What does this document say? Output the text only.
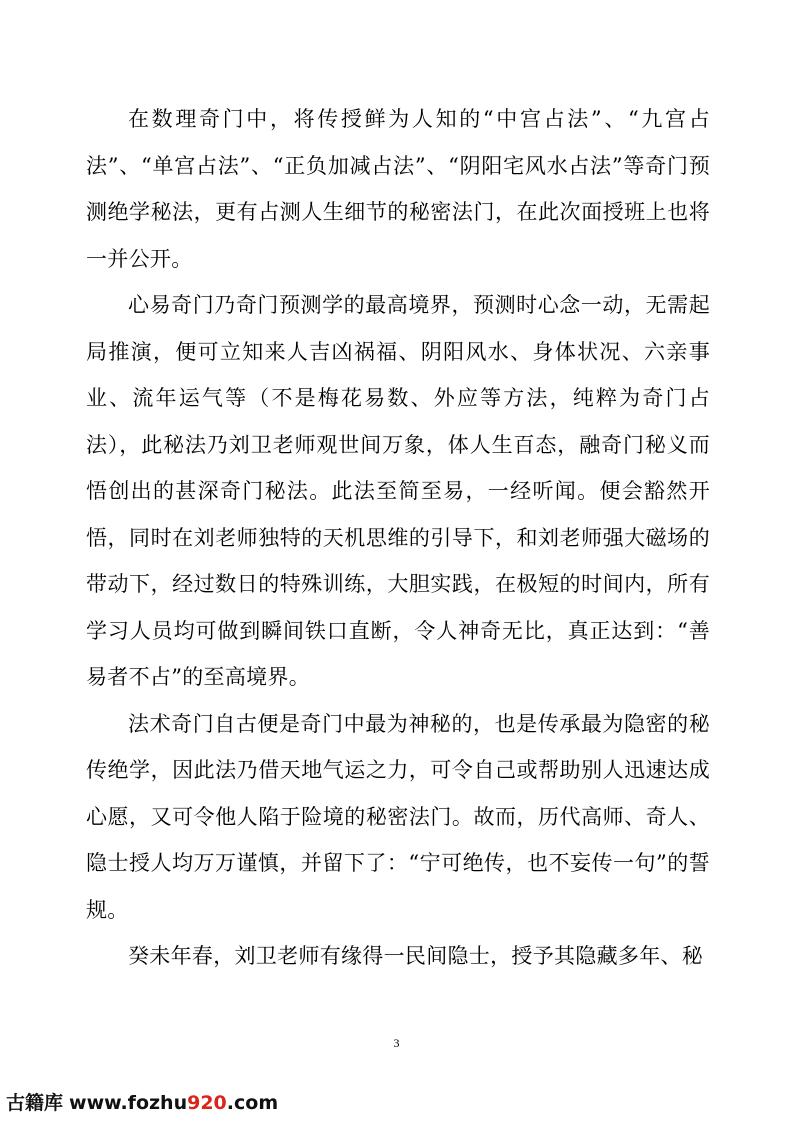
在数理奇门中，将传授鲜为人知的“中宫占法”、“九宫占法”、“单宫占法”、“正负加减占法”、“阴阳宅风水占法”等奇门预测绝学秘法，更有占测人生细节的秘密法门，在此次面授班上也将一并公开。

心易奇门乃奇门预测学的最高境界，预测时心念一动，无需起局推演，便可立知来人吉凶祸福、阴阳风水、身体状况、六亲事业、流年运气等（不是梅花易数、外应等方法，纯粹为奇门占法），此秘法乃刘卫老师观世间万象，体人生百态，融奇门秘义而悟创出的甚深奇门秘法。此法至简至易，一经听闻。便会豁然开悟，同时在刘老师独特的天机思维的引导下，和刘老师强大磁场的带动下，经过数日的特殊训练，大胆实践，在极短的时间内，所有学习人员均可做到瞬间铁口直断，令人神奇无比，真正达到：“善易者不占”的至高境界。

法术奇门自古便是奇门中最为神秘的，也是传承最为隐密的秘传绝学，因此法乃借天地气运之力，可令自己或帮助别人迅速达成心愿，又可令他人陷于险境的秘密法门。故而，历代高师、奇人、隐士授人均万万谨慎，并留下了：“宁可绝传，也不妄传一句”的誓规。

癸未年春，刘卫老师有缘得一民间隐士，授予其隐藏多年、秘

3
古籍库 www.fozhu920.com
